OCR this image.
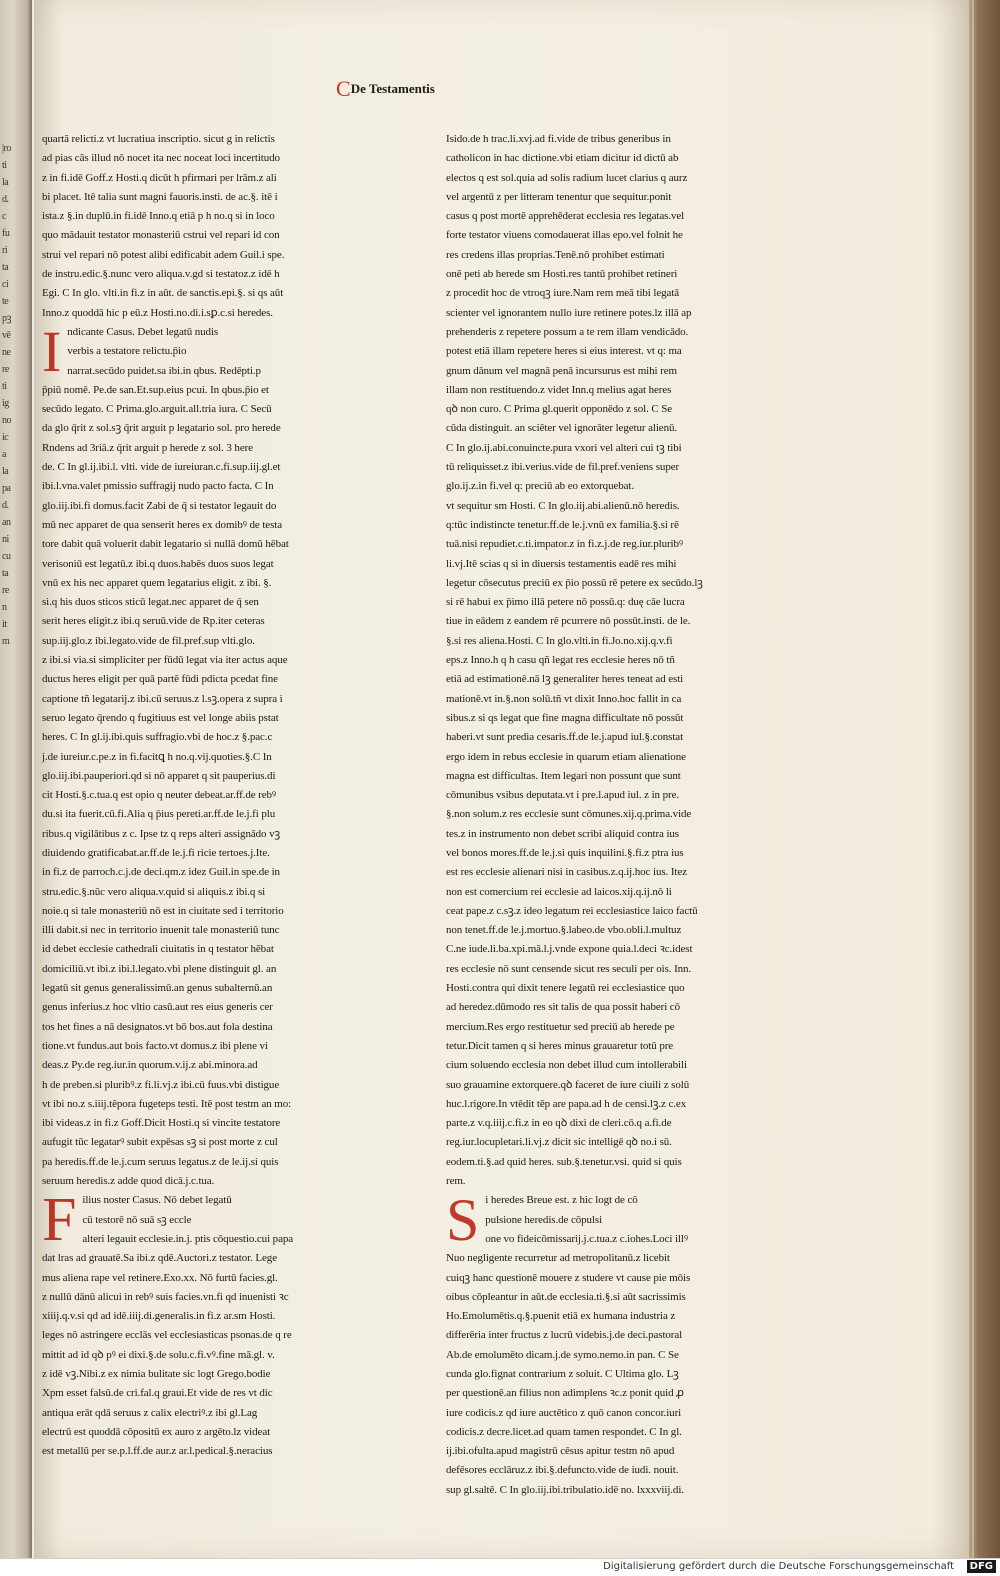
|ro
ti
la
d.
c
fu
ri
ta
ci
te
pꝫ
vē
ne
re
ti
ig
no
ic
a
la
pa
d.
an
ni
cu
ta
re
n
it
m
CDe Testamentis
quartă relicti.z vt lucratiua inscriptio. sicut g in relictis
ad pias cās illud nō nocet ita nec noceat loci incertitudo
z in fi.idē Goff.z Hosti.q dicūt h pfirmari per lrām.z ali
bi placet. Itē talia sunt magni fauoris.insti. de ac.§. itē i
ista.z §.in duplū.in fi.idē Inno.q etiā p h no.q si in loco
quo mādauit testator monasteriū cstrui vel repari id con
strui vel repari nō potest alibi edificabit adem Guil.i spe.
de instru.edic.§.nunc vero aliqua.v.gd si testatoz.z idē h
Egi. C In glo. vlti.in fi.z in aūt. de sanctis.epi.§. si qs aūt
Inno.z quoddā hic p eū.z Hosti.no.di.i.sꝑ.c.si heredes.
I ndicante Casus. Debet legatū nudis
verbis a testatore relictu.p̄io
narrat.secūdo puidet.sa ibi.in qbus. Redēpti.p
p̄piū nomē. Pe.de san.Et.sup.eius pcui. In qbus.p̄io et
secūdo legato. C Prima.glo.arguit.all.tria iura. C Secū
da glo q̄rit z sol.sꝫ q̄rit arguit p legatario sol. pro herede
Rndens ad 3riā.z q̄rit arguit p herede z sol. 3 here
de. C In gl.ij.ibi.l. vlti. vide de iureiuran.c.fi.sup.iij.gl.et
ibi.l.vna.valet pmissio suffragij nudo pacto facta. C In
glo.iij.ibi.fi domus.facit Zabi de q̄ si testator legauit do
mū nec apparet de qua senserit heres ex domibꝰ de testa
tore dabit quā voluerit dabit legatario si nullā domū hēbat
verisoniū est legatū.z ibi.q duos.habēs duos suos legat
vnū ex his nec apparet quem legatarius eligit. z ibi. §.
si.q his duos sticos sticū legat.nec apparet de q̄ sen
serit heres eligit.z ibi.q seruū.vide de Rp.iter ceteras
sup.iij.glo.z ibi.legato.vide de fil.pref.sup vlti.glo.
z ibi.si via.si simpliciter per fūdū legat via iter actus aque
ductus heres eligit per quā partē fūdi pdicta pcedat fine
captione tñ legatarij.z ibi.cū seruus.z l.sꝫ.opera z supra i
seruo legato q̄rendo q fugitiuus est vel longe abiis pstat
heres. C In gl.ij.ibi.quis suffragio.vbi de hoc.z §.pac.c
j.de iureiur.c.pe.z in fi.facitꝗ h no.q.vij.quoties.§.C In
glo.iij.ibi.pauperiori.qd si nō apparet q sit pauperius.di
cit Hosti.§.c.tua.q est opio q neuter debeat.ar.ff.de rebꝰ
du.si ita fuerit.cū.fi.Alia q p̄ius pereti.ar.ff.de le.j.fi plu
ribus.q vigilātibus z c. Ipse tz q reps alteri assignādo vꝫ
diuidendo gratificabat.ar.ff.de le.j.fi ricie tertoes.j.Ite.
in fi.z de parroch.c.j.de deci.qm.z idez Guil.in spe.de in
stru.edic.§.nūc vero aliqua.v.quid si aliquis.z ibi.q si
noie.q si tale monasteriū nō est in ciuitate sed i territorio
illi dabit.si nec in territorio inuenit tale monasteriū tunc
id debet ecclesie cathedrali ciuitatis in q testator hēbat
domiciliū.vt ibi.z ibi.l.legato.vbi plene distinguit gl. an
legatū sit genus generalissimū.an genus subalternū.an
genus inferius.z hoc vltio casū.aut res eius generis cer
tos het fines a nā designatos.vt bō bos.aut fola destina
tione.vt fundus.aut bois facto.vt domus.z ibi plene vi
deas.z Py.de reg.iur.in quorum.v.ij.z abi.minora.ad
h de preben.si pluribꝰ.z fi.li.vj.z ibi.cū fuus.vbi distigue
vt ibi no.z s.iiij.tēpora fugeteps testi. Itē post testm an mo:
ibi videas.z in fi.z Goff.Dicit Hosti.q si vincite testatore
aufugit tūc legatarꝰ subit expēsas sꝫ si post morte z cul
pa heredis.ff.de le.j.cum seruus legatus.z de le.ij.si quis
seruum heredis.z adde quod dicā.j.c.tua.
F ilius noster Casus. Nō debet legatū
cū testorē nō suā sꝫ eccle
alteri legauit ecclesie.in.j. ptis cōquestio.cui papa
dat lras ad grauatē.Sa ibi.z qdē.Auctori.z testator. Lege
mus aliena rape vel retinere.Exo.xx. Nō furtū facies.gl.
z nullū dānū alicui in rebꝰ suis facies.vn.fi qd inuenisti ꝛc
xiiij.q.v.si qd ad idē.iiij.di.generalis.in fi.z ar.sm Hosti.
leges nō astringere ecclās vel ecclesiasticas psonas.de q re
mittit ad id qꝺ pꝰ ei dixi.§.de solu.c.fi.vꝰ.fine mā.gl. v.
z idē vꝫ.Nibi.z ex nimia bulitate sic logt Grego.bodie
Xpm esset falsū.de cri.fal.q graui.Et vide de res vt dic
antiqua erāt qdā seruus z calix electriꝰ.z ibi gl.Lag
electrū est quoddā cōpositū ex auro z argēto.lz videat
est metallū per se.p.l.ff.de aur.z ar.l.pedical.§.neracius
Isido.de h trac.li.xvj.ad fi.vide de tribus generibus in
catholicon in hac dictione.vbi etiam dicitur id dictū ab
electos q est sol.quia ad solis radium lucet clarius q aurz
vel argentū z per litteram tenentur que sequitur.ponit
casus q post mortē apprehēderat ecclesia res legatas.vel
forte testator viuens comodauerat illas epo.vel folnit he
res credens illas proprias.Tenē.nō prohibet estimati
onē peti ab herede sm Hosti.res tantū prohibet retineri
z procedit hoc de vtroqꝫ iure.Nam rem meā tibi legatā
scienter vel ignorantem nullo iure retinere potes.lz illā ap
prehenderis z repetere possum a te rem illam vendicādo.
potest etiā illam repetere heres si eius interest. vt q: ma
gnum dānum vel magnā penā incursurus est mihi rem
illam non restituendo.z videt Inn.q melius agat heres
qꝺ non curo. C Prima gl.querit opponēdo z sol. C Se
cūda distinguit. an sciēter vel ignorāter legetur alienū.
C In glo.ij.abi.conuincte.pura vxori vel alteri cui tꝫ tibi
tū reliquisset.z ibi.verius.vide de fil.pref.veniens super
glo.ij.z.in fi.vel q: preciū ab eo extorquebat.
vt sequitur sm Hosti. C In glo.iij.abi.alienū.nō heredis.
q:tūc indistincte tenetur.ff.de le.j.vnū ex familia.§.si rē
tuā.nisi repudiet.c.ti.impator.z in fi.z.j.de reg.iur.pluribꝰ
li.vj.Itē scias q si in diuersis testamentis eadē res mihi
legetur cōsecutus preciū ex p̄io possū rē petere ex secūdo.lꝫ
si rē habui ex p̄imo illā petere nō possū.q: duę cāe lucra
tiue in eādem z eandem rē pcurrere nō possūt.insti. de le.
§.si res aliena.Hosti. C In glo.vlti.in fi.Jo.no.xij.q.v.fi
eps.z Inno.h q h casu qñ legat res ecclesie heres nō tñ
etiā ad estimationē.nā lꝫ generaliter heres teneat ad esti
mationē.vt in.§.non solū.tñ vt dixit Inno.hoc fallit in ca
sibus.z si qs legat que fine magna difficultate nō possūt
haberi.vt sunt predia cesaris.ff.de le.j.apud iul.§.constat
ergo idem in rebus ecclesie in quarum etiam alienatione
magna est difficultas. Item legari non possunt que sunt
cōmunibus vsibus deputata.vt i pre.l.apud iul. z in pre.
§.non solum.z res ecclesie sunt cōmunes.xij.q.prima.vide
tes.z in instrumento non debet scribi aliquid contra ius
vel bonos mores.ff.de le.j.si quis inquilini.§.fi.z ptra ius
est res ecclesie alienari nisi in casibus.z.q.ij.hoc ius. Itez
non est comercium rei ecclesie ad laicos.xij.q.ij.nō li
ceat pape.z c.sꝫ.z ideo legatum rei ecclesiastice laico factū
non tenet.ff.de le.j.mortuo.§.labeo.de vbo.obli.l.multuz
C.ne iude.li.ba.xpi.mā.l.j.vnde expone quia.l.deci ꝛc.idest
res ecclesie nō sunt censende sicut res seculi per ois. Inn.
Hosti.contra qui dixit tenere legatū rei ecclesiastice quo
ad heredez.dūmodo res sit talis de qua possit haberi cō
mercium.Res ergo restituetur sed preciū ab herede pe
tetur.Dicit tamen q si heres minus grauaretur totū pre
cium soluendo ecclesia non debet illud cum intollerabili
suo grauamine extorquere.qꝺ faceret de iure ciuili z solū
huc.l.rigore.In vtēdit tēp are papa.ad h de censi.lꝫ.z c.ex
parte.z v.q.iiij.c.fi.z in eo qꝺ dixi de cleri.cō.q a.fi.de
reg.iur.locupletari.li.vj.z dicit sic intelligē qꝺ no.i sū.
eodem.ti.§.ad quid heres. sub.§.tenetur.vsi. quid si quis
rem.
S i heredes Breue est. z hic logt de cō
pulsione heredis.de cōpulsi
one vo fideicōmissarij.j.c.tua.z c.iohes.Loci illꝰ
Nuo negligente recurretur ad metropolitanū.z licebit
cuiqꝫ hanc questionē mouere z studere vt cause pie mōis
oibus cōpleantur in aūt.de ecclesia.ti.§.si aūt sacrissimis
Ho.Emolumētis.q.§.puenit etiā ex humana industria z
differēria inter fructus z lucrū videbis.j.de deci.pastoral
Ab.de emolumēto dicam.j.de symo.nemo.in pan. C Se
cunda glo.fignat contrarium z soluit. C Ultima glo. Lꝫ
per questionē.an filius non adimplens ꝛc.z ponit quid ꝓ
iure codicis.z qd iure auctētico z quō canon concor.iuri
codicis.z decre.licet.ad quam tamen respondet. C In gl.
ij.ibi.ofulta.apud magistrū cēsus apitur testm nō apud
defēsores ecclāruz.z ibi.§.defuncto.vide de iudi. nouit.
sup gl.saltē. C In glo.iij.ibi.tribulatio.idē no. lxxxviij.di.
Digitalisierung gefördert durch die Deutsche Forschungsgemeinschaft	DFG
